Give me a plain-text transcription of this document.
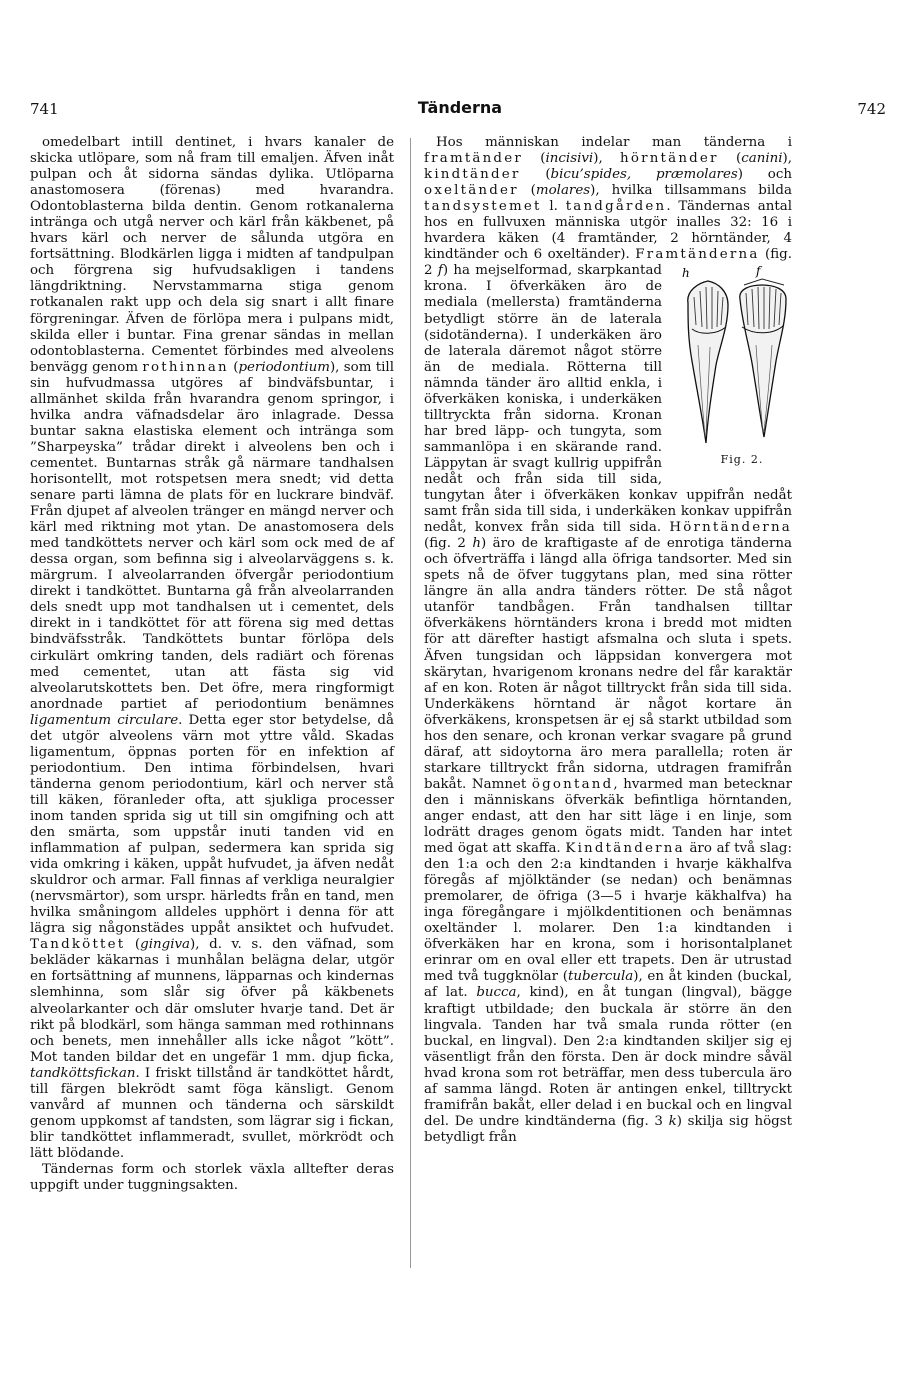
741	Tänderna	742

omedelbart intill dentinet, i hvars kanaler de skicka utlöpare, som nå fram till emaljen. Äfven inåt pulpan och åt sidorna sändas dylika. Utlöparna anastomosera (förenas) med hvarandra. Odontoblasterna bilda dentin. Genom rotkanalerna inträngа och utgå nerver och kärl från käkbenet, på hvars kärl och nerver de sålunda utgöra en fortsättning. Blodkärlen ligga i midten af tandpulpan och förgrena sig hufvudsakligen i tandens längdriktning. Nervstammarna stiga genom rotkanalen rakt upp och dela sig snart i allt finare förgreningar. Äfven de förlöpa mera i pulpans midt, skilda eller i buntar. Fina grenar sändas in mellan odontoblasterna. Cementet förbindes med alveolens benvägg genom rothinnan (periodontium), som till sin hufvudmassa utgöres af bindväfsbuntar, i allmänhet skilda från hvarandra genom springor, i hvilka andra väfnadsdelar äro inlagrade. Dessa buntar sakna elastiska element och inträngа som ”Sharpeyska” trådar direkt i alveolens ben och i cementet. Buntarnas stråk gå närmare tandhalsen horisontellt, mot rotspetsen mera snedt; vid detta senare parti lämna de plats för en luckrare bindväf. Från djupet af alveolen tränger en mängd nerver och kärl med riktning mot ytan. De anastomosera dels med tandköttets nerver och kärl som ock med de af dessa organ, som befinna sig i alveolarväggens s. k. märgrum. I alveolarranden öfvergår periodontium direkt i tandköttet. Buntarna gå från alveolarranden dels snedt upp mot tandhalsen ut i cementet, dels direkt in i tandköttet för att förena sig med dettas bindväfsstråk. Tandköttets buntar förlöpa dels cirkulärt omkring tanden, dels radiärt och förenas med cementet, utan att fästa sig vid alveolarutskottets ben. Det öfre, mera ringformigt anordnade partiet af periodontium benämnes ligamentum circulare. Detta eger stor betydelse, då det utgör alveolens värn mot yttre våld. Skadas ligamentum, öppnas porten för en infektion af periodontium. Den intima förbindelsen, hvari tänderna genom periodontium, kärl och nerver stå till käken, föranleder ofta, att sjukliga processer inom tanden sprida sig ut till sin omgifning och att den smärta, som uppstår inuti tanden vid en inflammation af pulpan, sedermera kan sprida sig vida omkring i käken, uppåt hufvudet, ja äfven nedåt skuldror och armar. Fall finnas af verkliga neuralgier (nervsmärtor), som urspr. härledts från en tand, men hvilka småningom alldeles upphört i denna för att lägra sig någonstädes uppåt ansiktet och hufvudet. Tandköttet (gingiva), d. v. s. den väfnad, som bekläder käkarnas i munhålan belägna delar, utgör en fortsättning af munnens, läpparnas och kindernas slemhinna, som slår sig öfver på käkbenets alveolarkanter och där omsluter hvarje tand. Det är rikt på blodkärl, som hänga samman med rothinnans och benets, men innehåller alls icke något ”kött”. Mot tanden bildar det en ungefär 1 mm. djup ficka, tandköttsfickan. I friskt tillstånd är tandköttet hårdt, till färgen blekrödt samt föga känsligt. Genom vanvård af munnen och tänderna och särskildt genom uppkomst af tandsten, som lägrar sig i fickan, blir tandköttet inflammeradt, svullet, mörkrödt och lätt blödande.

Tändernas form och storlek växla alltefter deras uppgift under tuggningsakten.

Hos människan indelar man tänderna i framtänder (incisivi), hörntänder (canini), kindtänder (bicu’spides, præmolares) och oxeltänder (molares), hvilka tillsammans bilda tandsystemet l. tandgården. Tändernas antal hos en fullvuxen människa utgör inalles 32: 16 i hvardera käken (4 framtänder, 2 hörntänder, 4 kindtänder och 6 oxeltänder). Framtänderna
h	f
Fig. 2.
(fig. 2 f) ha mejselformad, skarpkantad krona. I öfverkäken äro de mediala (mellersta) framtänderna betydligt större än de laterala (sidotänderna). I underkäken äro de laterala däremot något större än de mediala. Rötterna till nämnda tänder äro alltid enkla, i öfverkäken koniska, i underkäken tilltryckta från sidorna. Kronan har bred läpp- och tungyta, som sammanlöpa i en skärande rand. Läppytan är svagt kullrig uppifrån nedåt och från sida till sida, tungytan åter i öfverkäken konkav uppifrån nedåt samt från sida till sida, i underkäken konkav uppifrån nedåt, konvex från sida till sida. Hörntänderna (fig. 2 h) äro de kraftigaste af de enrotiga tänderna och öfverträffa i längd alla öfriga tandsorter. Med sin spets nå de öfver tuggytans plan, med sina rötter längre än alla andra tänders rötter. De stå något utanför tandbågen. Från tandhalsen tilltar öfverkäkens hörntänders krona i bredd mot midten för att därefter hastigt afsmalna och sluta i spets. Äfven tungsidan och läppsidan konvergera mot skärytan, hvarigenom kronans nedre del får karaktär af en kon. Roten är något tilltryckt från sida till sida. Underkäkens hörntand är något kortare än öfverkäkens, kronspetsen är ej så starkt utbildad som hos den senare, och kronan verkar svagare på grund däraf, att sidoytorna äro mera parallella; roten är starkare tilltryckt från sidorna, utdragen framifrån bakåt. Namnet ögontand, hvarmed man betecknar den i människans öfverkäk befintliga hörntanden, anger endast, att den har sitt läge i en linje, som lodrätt drages genom ögats midt. Tanden har intet med ögat att skaffa. Kindtänderna äro af två slag: den 1:a och den 2:a kindtanden i hvarje käkhalfva föregås af mjölktänder (se nedan) och benämnas premolarer, de öfriga (3—5 i hvarje käkhalfva) ha inga föregångare i mjölkdentitionen och benämnas oxeltänder l. molarer. Den 1:a kindtanden i öfverkäken har en krona, som i horisontalplanet erinrar om en oval eller ett trapets. Den är utrustad med två tuggknölar (tubercula), en åt kinden (buckal, af lat. bucca, kind), en åt tungan (lingval), bägge kraftigt utbildade; den buckala är större än den lingvala. Tanden har två smala runda rötter (en buckal, en lingval). Den 2:a kindtanden skiljer sig ej väsentligt från den första. Den är dock mindre såväl hvad krona som rot beträffar, men dess tubercula äro af samma längd. Roten är antingen enkel, tilltryckt framifrån bakåt, eller delad i en buckal och en lingval del. De undre kindtänderna (fig. 3 k) skilja sig högst betydligt från
